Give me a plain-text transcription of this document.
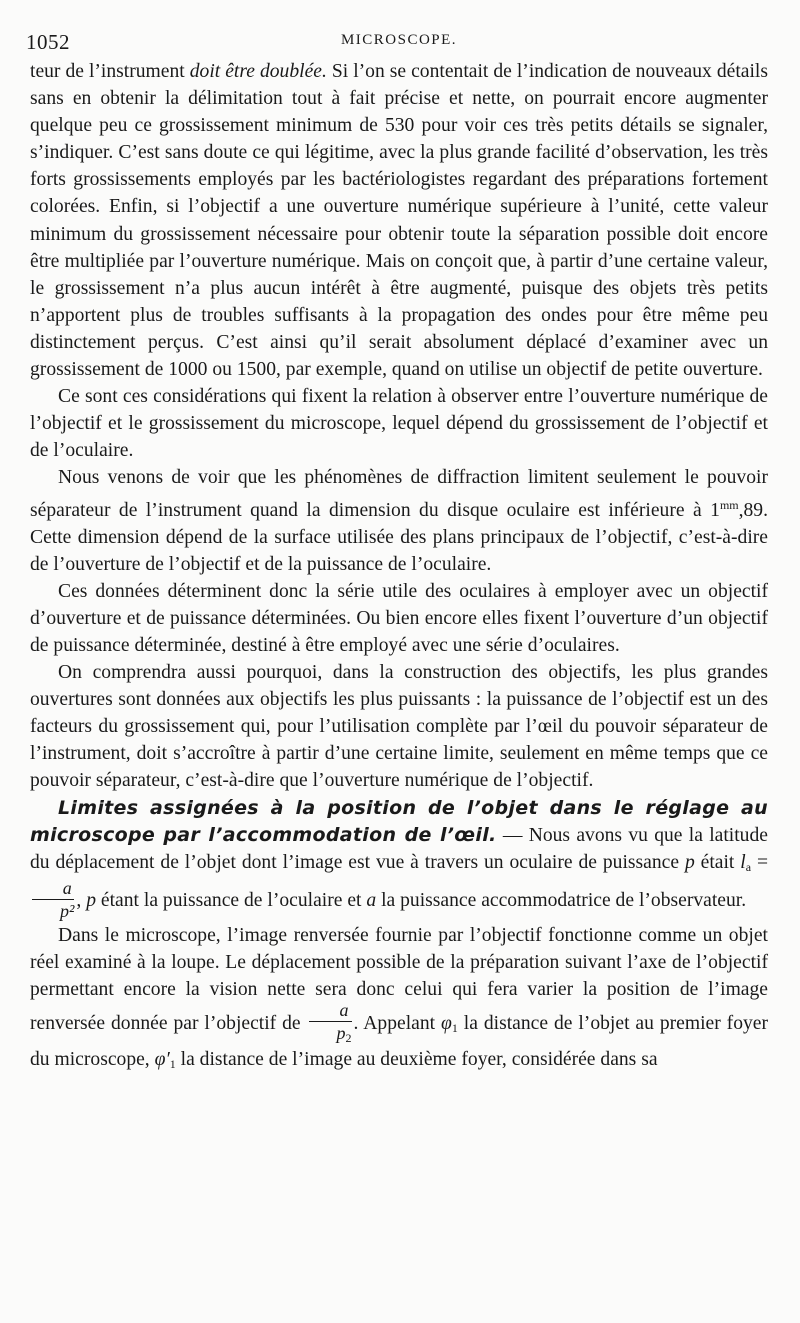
1052	MICROSCOPE.

teur de l’instrument doit être doublée. Si l’on se contentait de l’indication de nouveaux détails sans en obtenir la délimitation tout à fait précise et nette, on pourrait encore augmenter quelque peu ce grossissement minimum de 530 pour voir ces très petits détails se signaler, s’indiquer. C’est sans doute ce qui légitime, avec la plus grande facilité d’observation, les très forts grossissements employés par les bactériologistes regardant des préparations fortement colorées. Enfin, si l’objectif a une ouverture numérique supérieure à l’unité, cette valeur minimum du grossissement nécessaire pour obtenir toute la séparation possible doit encore être multipliée par l’ouverture numérique. Mais on conçoit que, à partir d’une certaine valeur, le grossissement n’a plus aucun intérêt à être augmenté, puisque des objets très petits n’apportent plus de troubles suffisants à la propagation des ondes pour être même peu distinctement perçus. C’est ainsi qu’il serait absolument déplacé d’examiner avec un grossissement de 1000 ou 1500, par exemple, quand on utilise un objectif de petite ouverture.

Ce sont ces considérations qui fixent la relation à observer entre l’ouverture numérique de l’objectif et le grossissement du microscope, lequel dépend du grossissement de l’objectif et de l’oculaire.

Nous venons de voir que les phénomènes de diffraction limitent seulement le pouvoir séparateur de l’instrument quand la dimension du disque oculaire est inférieure à $1^{mm},89$. Cette dimension dépend de la surface utilisée des plans principaux de l’objectif, c’est-à-dire de l’ouverture de l’objectif et de la puissance de l’oculaire.

Ces données déterminent donc la série utile des oculaires à employer avec un objectif d’ouverture et de puissance déterminées. Ou bien encore elles fixent l’ouverture d’un objectif de puissance déterminée, destiné à être employé avec une série d’oculaires.

On comprendra aussi pourquoi, dans la construction des objectifs, les plus grandes ouvertures sont données aux objectifs les plus puissants : la puissance de l’objectif est un des facteurs du grossissement qui, pour l’utilisation complète par l’œil du pouvoir séparateur de l’instrument, doit s’accroître à partir d’une certaine limite, seulement en même temps que ce pouvoir séparateur, c’est-à-dire que l’ouverture numérique de l’objectif.

Limites assignées à la position de l’objet dans le réglage au microscope par l’accommodation de l’œil. — Nous avons vu que la latitude du déplacement de l’objet dont l’image est vue à travers un oculaire de puissance p était $l_a$ =
$\frac{a}{\text{p²}}$ , p étant la puissance de l’oculaire et a la puissance accommodatrice de l’observateur.

Dans le microscope, l’image renversée fournie par l’objectif fonctionne comme un objet réel examiné à la loupe. Le déplacement possible de la préparation suivant l’axe de l’objectif permettant encore la vision nette sera donc celui qui fera varier la position de l’image renversée donnée par l’objectif de $\frac{a}{p_2}$ . Appelant $\varphi_1$ la distance de l’objet au premier foyer du microscope, $\varphi'_1$ la distance de l’image au deuxième foyer, considérée dans sa
